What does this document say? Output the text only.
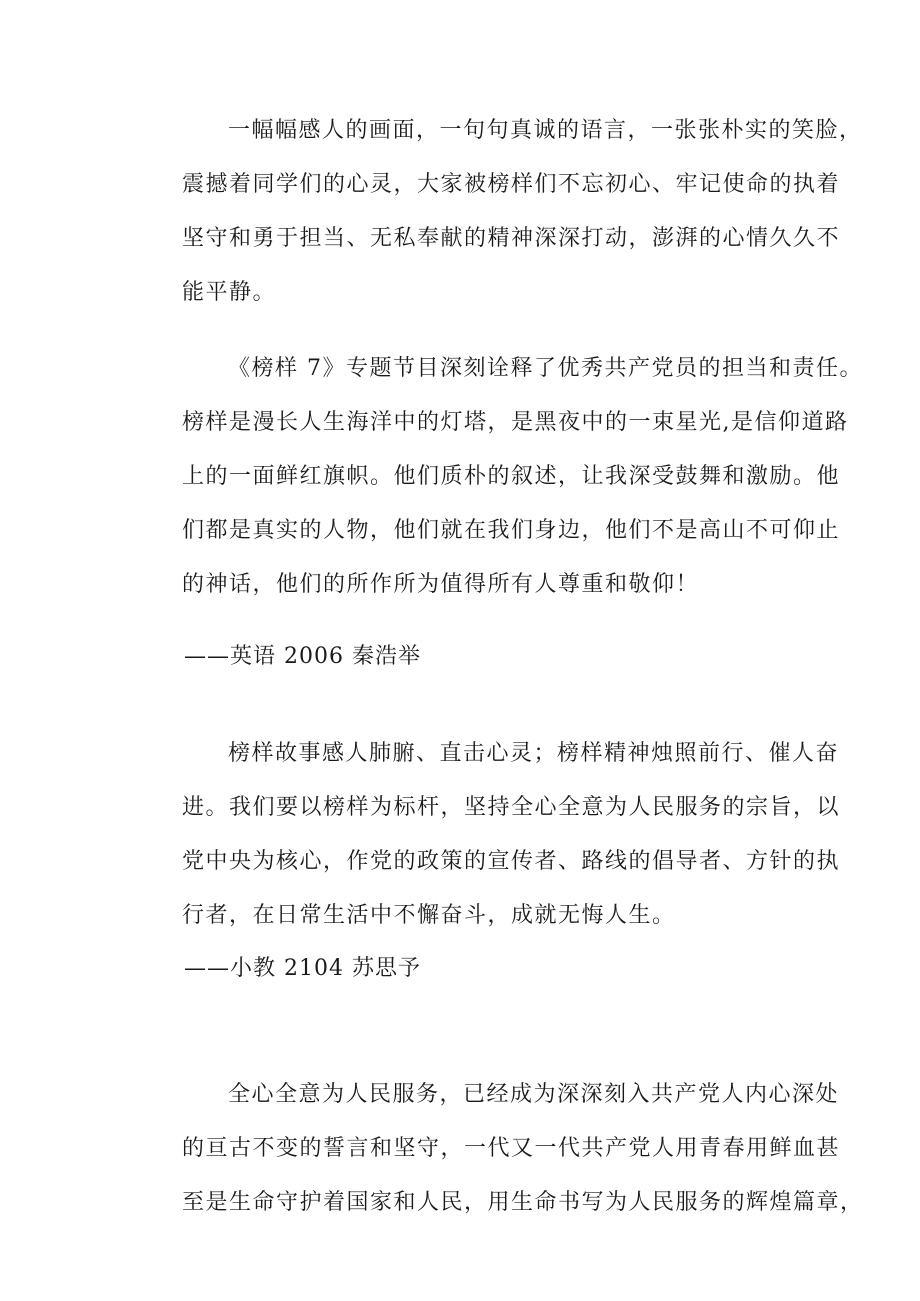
一幅幅感人的画面，一句句真诚的语言，一张张朴实的笑脸，
震撼着同学们的心灵，大家被榜样们不忘初心、牢记使命的执着
坚守和勇于担当、无私奉献的精神深深打动，澎湃的心情久久不
能平静。
《榜样 7》专题节目深刻诠释了优秀共产党员的担当和责任。
榜样是漫长人生海洋中的灯塔，是黑夜中的一束星光,是信仰道路
上的一面鲜红旗帜。他们质朴的叙述，让我深受鼓舞和激励。他
们都是真实的人物，他们就在我们身边，他们不是高山不可仰止
的神话，他们的所作所为值得所有人尊重和敬仰！
——英语 2006 秦浩举
榜样故事感人肺腑、直击心灵；榜样精神烛照前行、催人奋
进。我们要以榜样为标杆，坚持全心全意为人民服务的宗旨，以
党中央为核心，作党的政策的宣传者、路线的倡导者、方针的执
行者，在日常生活中不懈奋斗，成就无悔人生。
——小教 2104 苏思予
全心全意为人民服务，已经成为深深刻入共产党人内心深处
的亘古不变的誓言和坚守，一代又一代共产党人用青春用鲜血甚
至是生命守护着国家和人民，用生命书写为人民服务的辉煌篇章，
